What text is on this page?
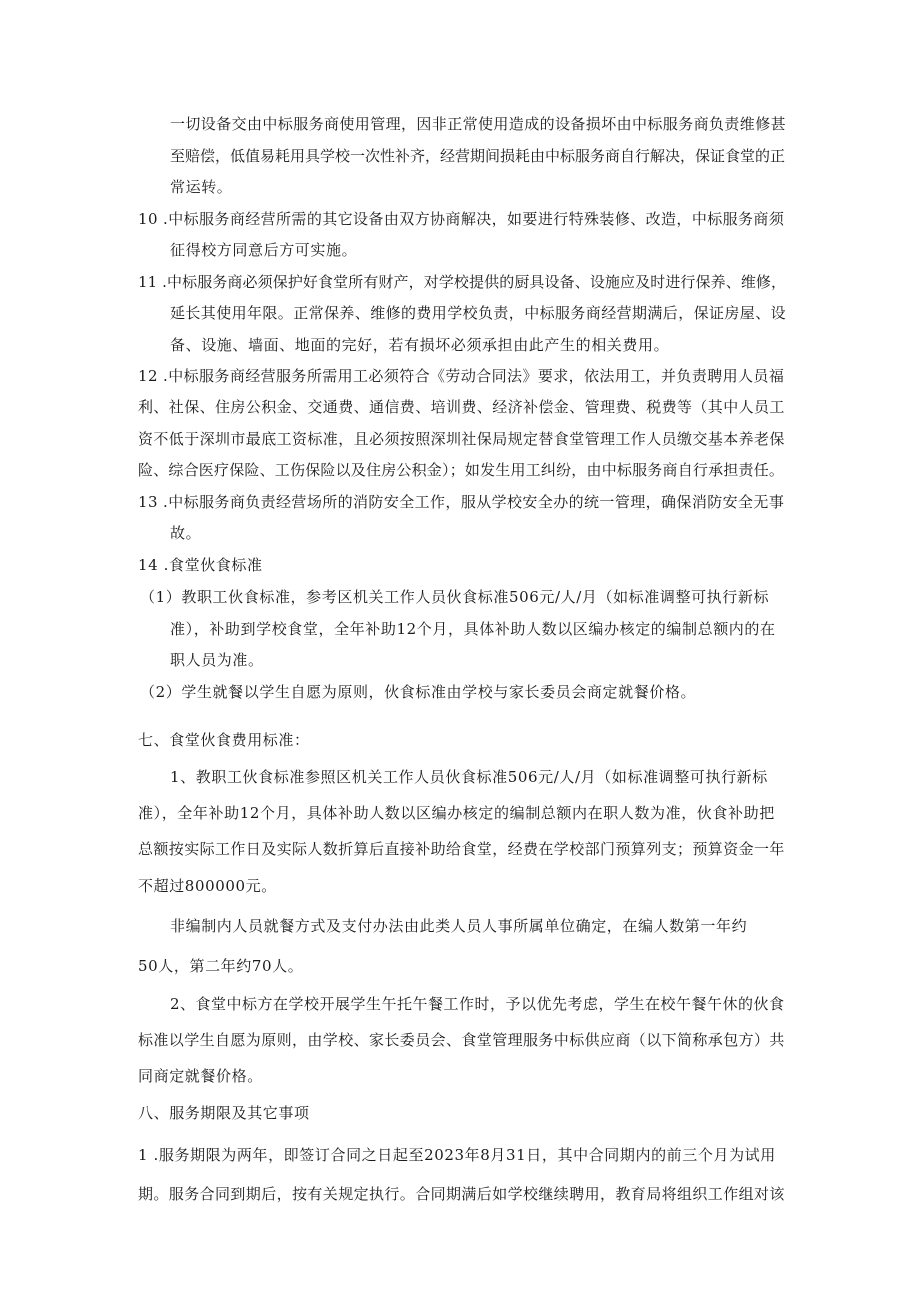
一切设备交由中标服务商使用管理，因非正常使用造成的设备损坏由中标服务商负责维修甚
至赔偿，低值易耗用具学校一次性补齐，经营期间损耗由中标服务商自行解决，保证食堂的正
常运转。
10 .中标服务商经营所需的其它设备由双方协商解决，如要进行特殊装修、改造，中标服务商须
征得校方同意后方可实施。
11 .中标服务商必须保护好食堂所有财产，对学校提供的厨具设备、设施应及时进行保养、维修，
延长其使用年限。正常保养、维修的费用学校负责，中标服务商经营期满后，保证房屋、设
备、设施、墙面、地面的完好，若有损坏必须承担由此产生的相关费用。
12 .中标服务商经营服务所需用工必须符合《劳动合同法》要求，依法用工，并负责聘用人员福
利、社保、住房公积金、交通费、通信费、培训费、经济补偿金、管理费、税费等（其中人员工
资不低于深圳市最底工资标准，且必须按照深圳社保局规定替食堂管理工作人员缴交基本养老保
险、综合医疗保险、工伤保险以及住房公积金）；如发生用工纠纷，由中标服务商自行承担责任。
13 .中标服务商负责经营场所的消防安全工作，服从学校安全办的统一管理，确保消防安全无事
故。
14 .食堂伙食标准
（1）教职工伙食标准，参考区机关工作人员伙食标准506元/人/月（如标准调整可执行新标
准），补助到学校食堂，全年补助12个月，具体补助人数以区编办核定的编制总额内的在
职人员为准。
（2）学生就餐以学生自愿为原则，伙食标准由学校与家长委员会商定就餐价格。
七、食堂伙食费用标准：
1、教职工伙食标准参照区机关工作人员伙食标准506元/人/月（如标准调整可执行新标
准），全年补助12个月，具体补助人数以区编办核定的编制总额内在职人数为准，伙食补助把
总额按实际工作日及实际人数折算后直接补助给食堂，经费在学校部门预算列支；预算资金一年
不超过800000元。
非编制内人员就餐方式及支付办法由此类人员人事所属单位确定，在编人数第一年约
50人，第二年约70人。
2、食堂中标方在学校开展学生午托午餐工作时，予以优先考虑，学生在校午餐午休的伙食
标准以学生自愿为原则，由学校、家长委员会、食堂管理服务中标供应商（以下简称承包方）共
同商定就餐价格。
八、服务期限及其它事项
1 .服务期限为两年，即签订合同之日起至2023年8月31日，其中合同期内的前三个月为试用
期。服务合同到期后，按有关规定执行。合同期满后如学校继续聘用，教育局将组织工作组对该
